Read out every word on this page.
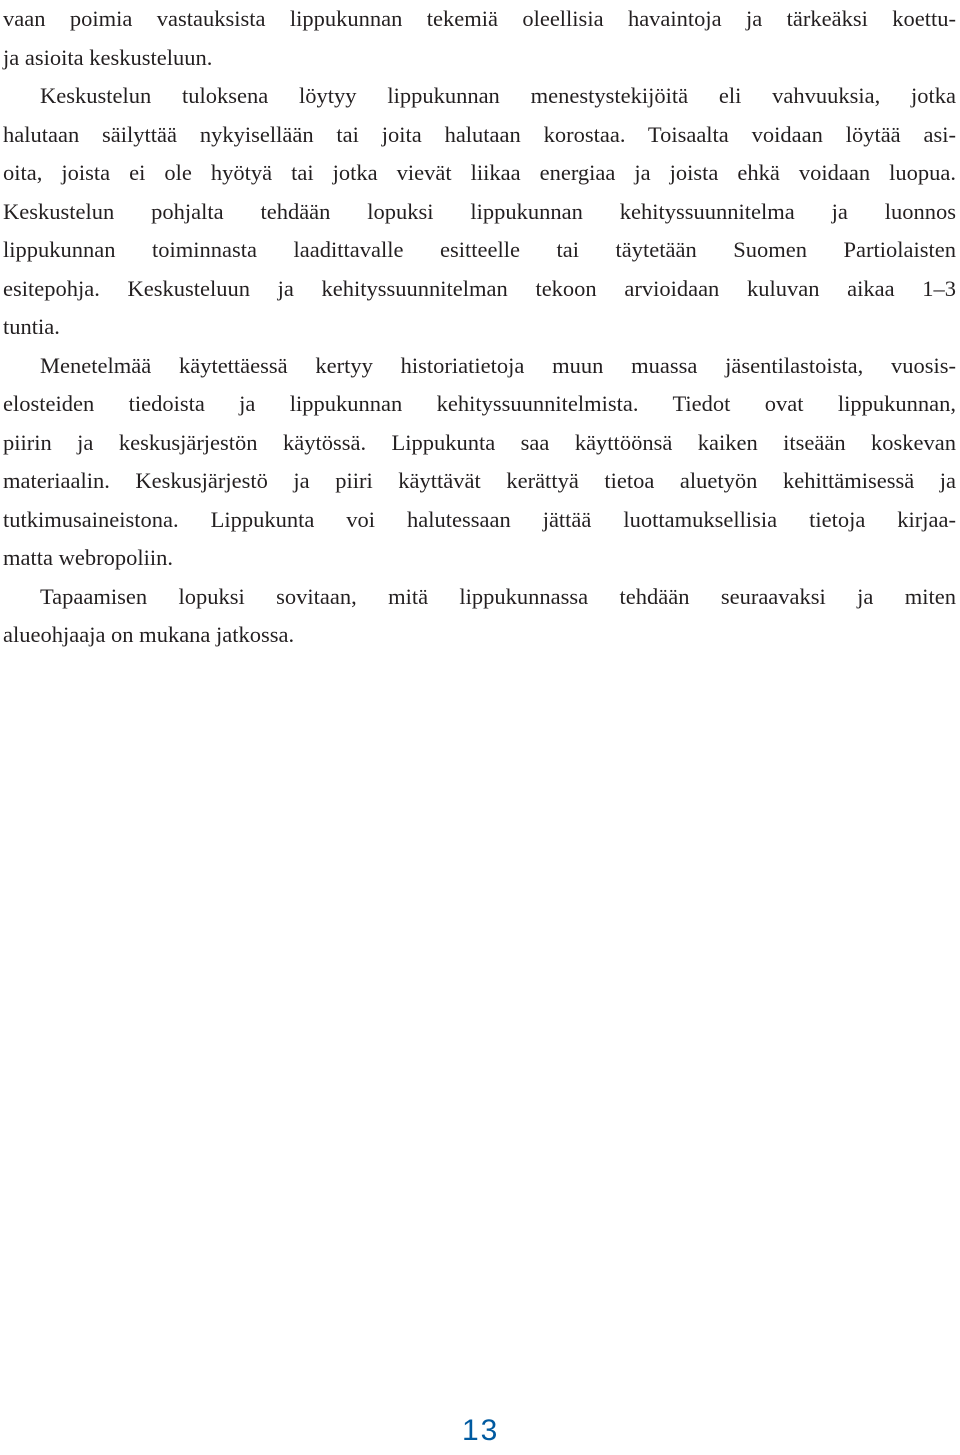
vaan poimia vastauksista lippukunnan tekemiä oleellisia havaintoja ja tärkeäksi koettu-
ja asioita keskusteluun.
Keskustelun tuloksena löytyy lippukunnan menestystekijöitä eli vahvuuksia, jotka
halutaan säilyttää nykyisellään tai joita halutaan korostaa. Toisaalta voidaan löytää asi-
oita, joista ei ole hyötyä tai jotka vievät liikaa energiaa ja joista ehkä voidaan luopua.
Keskustelun pohjalta tehdään lopuksi lippukunnan kehityssuunnitelma ja luonnos
lippukunnan toiminnasta laadittavalle esitteelle tai täytetään Suomen Partiolaisten
esitepohja. Keskusteluun ja kehityssuunnitelman tekoon arvioidaan kuluvan aikaa 1–3
tuntia.
Menetelmää käytettäessä kertyy historiatietoja muun muassa jäsentilastoista, vuosis-
elosteiden tiedoista ja lippukunnan kehityssuunnitelmista. Tiedot ovat lippukunnan,
piirin ja keskusjärjestön käytössä. Lippukunta saa käyttöönsä kaiken itseään koskevan
materiaalin. Keskusjärjestö ja piiri käyttävät kerättyä tietoa aluetyön kehittämisessä ja
tutkimusaineistona. Lippukunta voi halutessaan jättää luottamuksellisia tietoja kirjaa-
matta webropoliin.
Tapaamisen lopuksi sovitaan, mitä lippukunnassa tehdään seuraavaksi ja miten
alueohjaaja on mukana jatkossa.
13
